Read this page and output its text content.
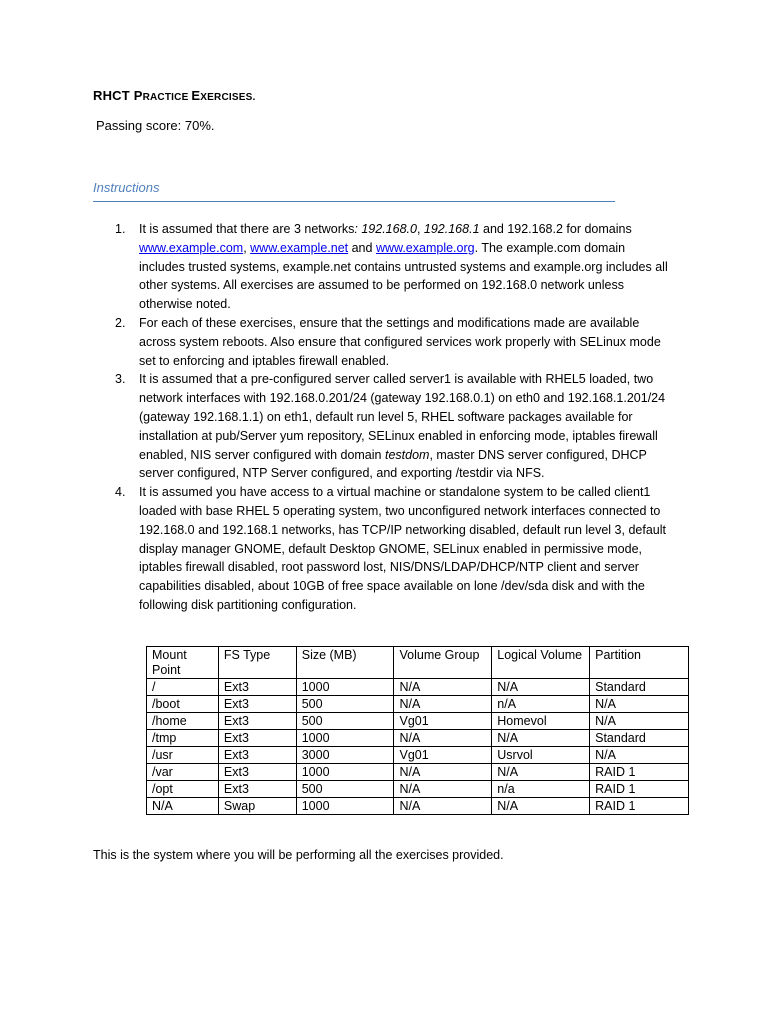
RHCT PRACTICE EXERCISES.
Passing score: 70%.
Instructions
1. It is assumed that there are 3 networks: 192.168.0, 192.168.1 and 192.168.2 for domains www.example.com, www.example.net and www.example.org. The example.com domain includes trusted systems, example.net contains untrusted systems and example.org includes all other systems. All exercises are assumed to be performed on 192.168.0 network unless otherwise noted.
2. For each of these exercises, ensure that the settings and modifications made are available across system reboots. Also ensure that configured services work properly with SELinux mode set to enforcing and iptables firewall enabled.
3. It is assumed that a pre-configured server called server1 is available with RHEL5 loaded, two network interfaces with 192.168.0.201/24 (gateway 192.168.0.1) on eth0 and 192.168.1.201/24 (gateway 192.168.1.1) on eth1, default run level 5, RHEL software packages available for installation at pub/Server yum repository, SELinux enabled in enforcing mode, iptables firewall enabled, NIS server configured with domain testdom, master DNS server configured, DHCP server configured, NTP Server configured, and exporting /testdir via NFS.
4. It is assumed you have access to a virtual machine or standalone system to be called client1 loaded with base RHEL 5 operating system, two unconfigured network interfaces connected to 192.168.0 and 192.168.1 networks, has TCP/IP networking disabled, default run level 3, default display manager GNOME, default Desktop GNOME, SELinux enabled in permissive mode, iptables firewall disabled, root password lost, NIS/DNS/LDAP/DHCP/NTP client and server capabilities disabled, about 10GB of free space available on lone /dev/sda disk and with the following disk partitioning configuration.
Mount Point	FS Type	Size (MB)	Volume Group	Logical Volume	Partition
/	Ext3	1000	N/A	N/A	Standard
/boot	Ext3	500	N/A	n/A	N/A
/home	Ext3	500	Vg01	Homevol	N/A
/tmp	Ext3	1000	N/A	N/A	Standard
/usr	Ext3	3000	Vg01	Usrvol	N/A
/var	Ext3	1000	N/A	N/A	RAID 1
/opt	Ext3	500	N/A	n/a	RAID 1
N/A	Swap	1000	N/A	N/A	RAID 1
This is the system where you will be performing all the exercises provided.
